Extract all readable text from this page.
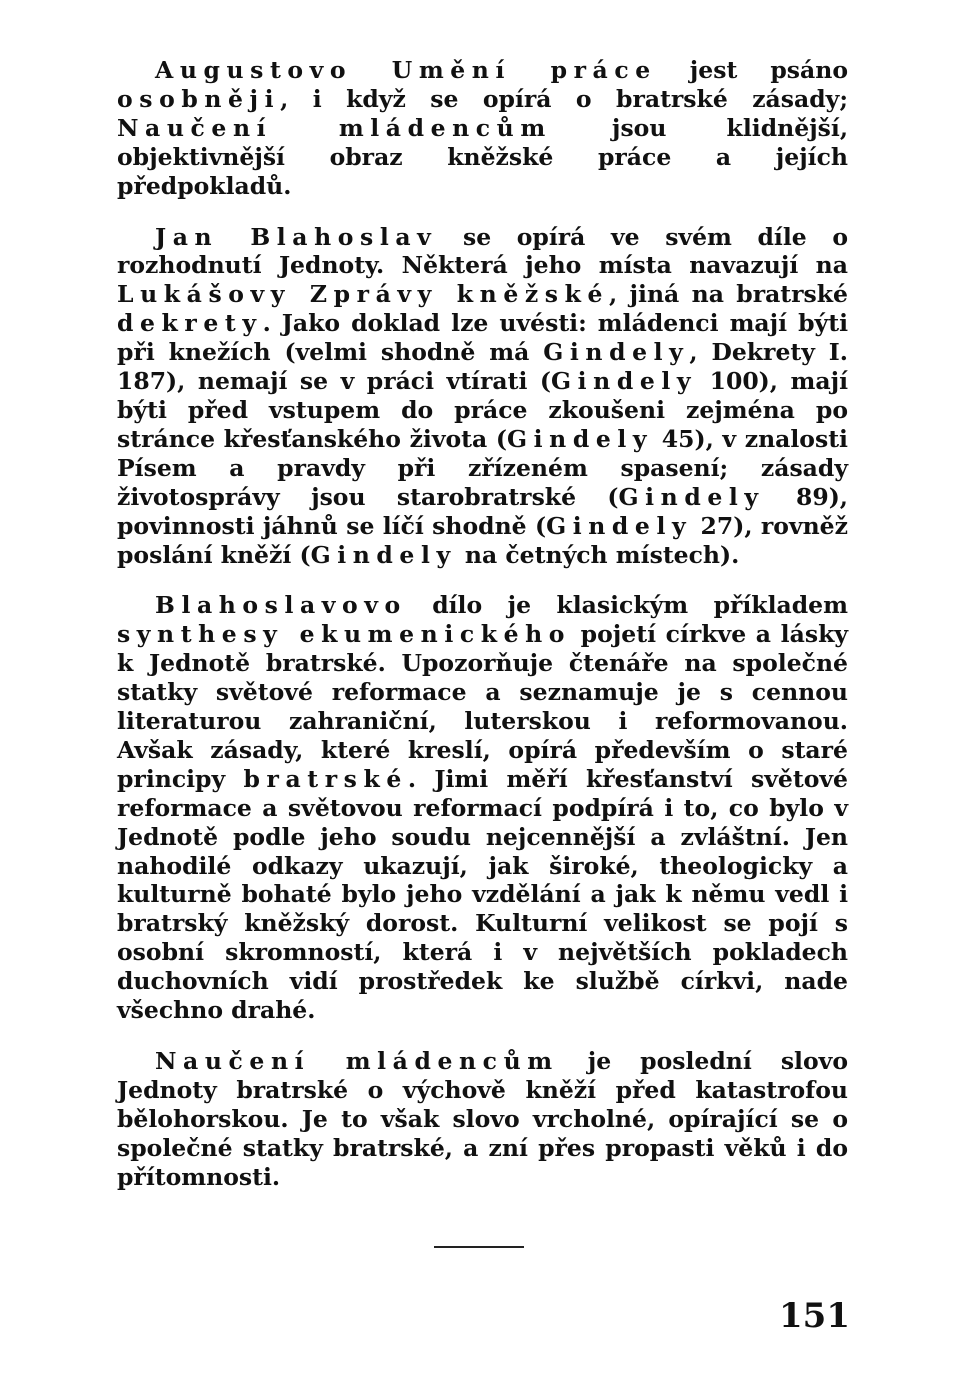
Augustovo Umění práce jest psáno osobněji, i když se opírá o bratrské zásady; Naučení mládencům jsou klidnější, objektivnější obraz kněžské práce a jejích předpokladů.

Jan Blahoslav se opírá ve svém díle o rozhodnutí Jednoty. Některá jeho místa navazují na Lukášovy Zprávy kněžské, jiná na bratrské dekrety. Jako doklad lze uvésti: mládenci mají býti při knežích (velmi shodně má Gindely, Dekrety I. 187), nemají se v práci vtírati (Gindely 100), mají býti před vstupem do práce zkoušeni zejména po stránce křesťanského života (Gindely 45), v znalosti Písem a pravdy při zřízeném spasení; zásady životosprávy jsou starobratrské (Gindely 89), povinnosti jáhnů se líčí shodně (Gindely 27), rovněž poslání kněží (Gindely na četných místech).

Blahoslavovo dílo je klasickým příkladem synthesy ekumenického pojetí církve a lásky k Jednotě bratrské. Upozorňuje čtenáře na společné statky světové reformace a seznamuje je s cennou literaturou zahraniční, luterskou i reformovanou. Avšak zásady, které kreslí, opírá především o staré principy bratrské. Jimi měří křesťanství světové reformace a světovou reformací podpírá i to, co bylo v Jednotě podle jeho soudu nejcennější a zvláštní. Jen nahodilé odkazy ukazují, jak široké, theologicky a kulturně bohaté bylo jeho vzdělání a jak k němu vedl i bratrský kněžský dorost. Kulturní velikost se pojí s osobní skromností, která i v největších pokladech duchovních vidí prostředek ke službě církvi, nade všechno drahé.

Naučení mládencům je poslední slovo Jednoty bratrské o výchově kněží před katastrofou bělohorskou. Je to však slovo vrcholné, opírající se o společné statky bratrské, a zní přes propasti věků i do přítomnosti.

151
